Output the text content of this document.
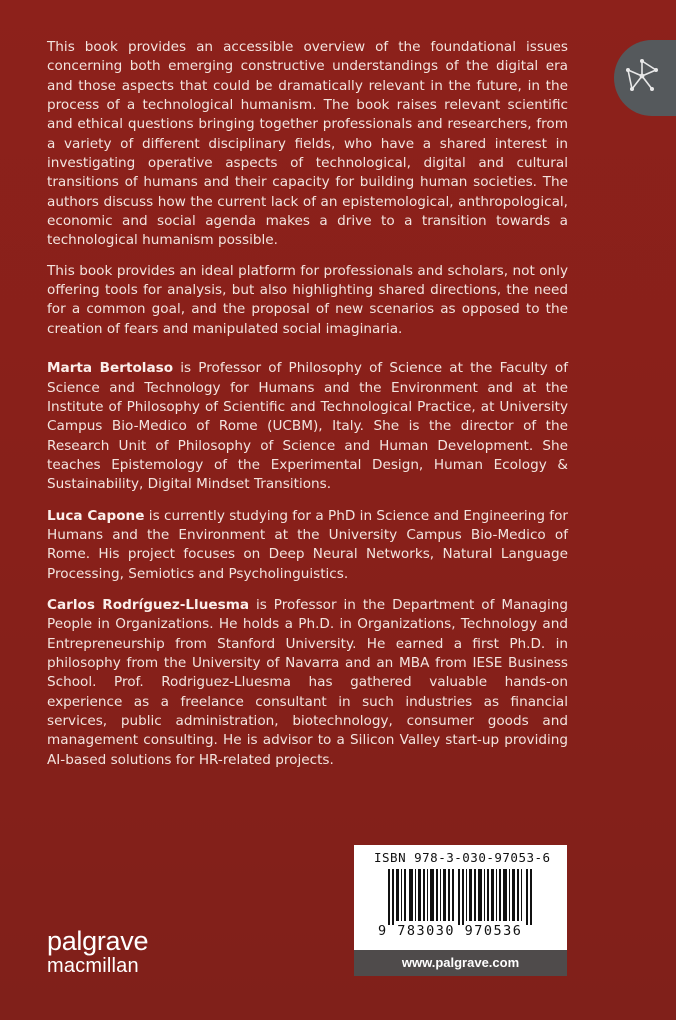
This book provides an accessible overview of the foundational issues concerning both emerging constructive understandings of the digital era and those aspects that could be dramatically relevant in the future, in the process of a technological humanism. The book raises relevant scientific and ethical questions bringing together professionals and researchers, from a variety of different disciplinary fields, who have a shared interest in investigating operative aspects of technological, digital and cultural transitions of humans and their capacity for building human societies. The authors discuss how the current lack of an epistemological, anthropological, economic and social agenda makes a drive to a transition towards a technological humanism possible.

This book provides an ideal platform for professionals and scholars, not only offering tools for analysis, but also highlighting shared directions, the need for a common goal, and the proposal of new scenarios as opposed to the creation of fears and manipulated social imaginaria.

Marta Bertolaso is Professor of Philosophy of Science at the Faculty of Science and Technology for Humans and the Environment and at the Institute of Philosophy of Scientific and Technological Practice, at University Campus Bio-Medico of Rome (UCBM), Italy. She is the director of the Research Unit of Philosophy of Science and Human Development. She teaches Epistemology of the Experimental Design, Human Ecology & Sustainability, Digital Mindset Transitions.

Luca Capone is currently studying for a PhD in Science and Engineering for Humans and the Environment at the University Campus Bio-Medico of Rome. His project focuses on Deep Neural Networks, Natural Language Processing, Semiotics and Psycholinguistics.

Carlos Rodríguez-Lluesma is Professor in the Department of Managing People in Organizations. He holds a Ph.D. in Organizations, Technology and Entrepreneurship from Stanford University. He earned a first Ph.D. in philosophy from the University of Navarra and an MBA from IESE Business School. Prof. Rodriguez-Lluesma has gathered valuable hands-on experience as a freelance consultant in such industries as financial services, public administration, biotechnology, consumer goods and management consulting. He is advisor to a Silicon Valley start-up providing AI-based solutions for HR-related projects.

ISBN 978-3-030-97053-6
9 783030 970536
www.palgrave.com
palgrave
macmillan
